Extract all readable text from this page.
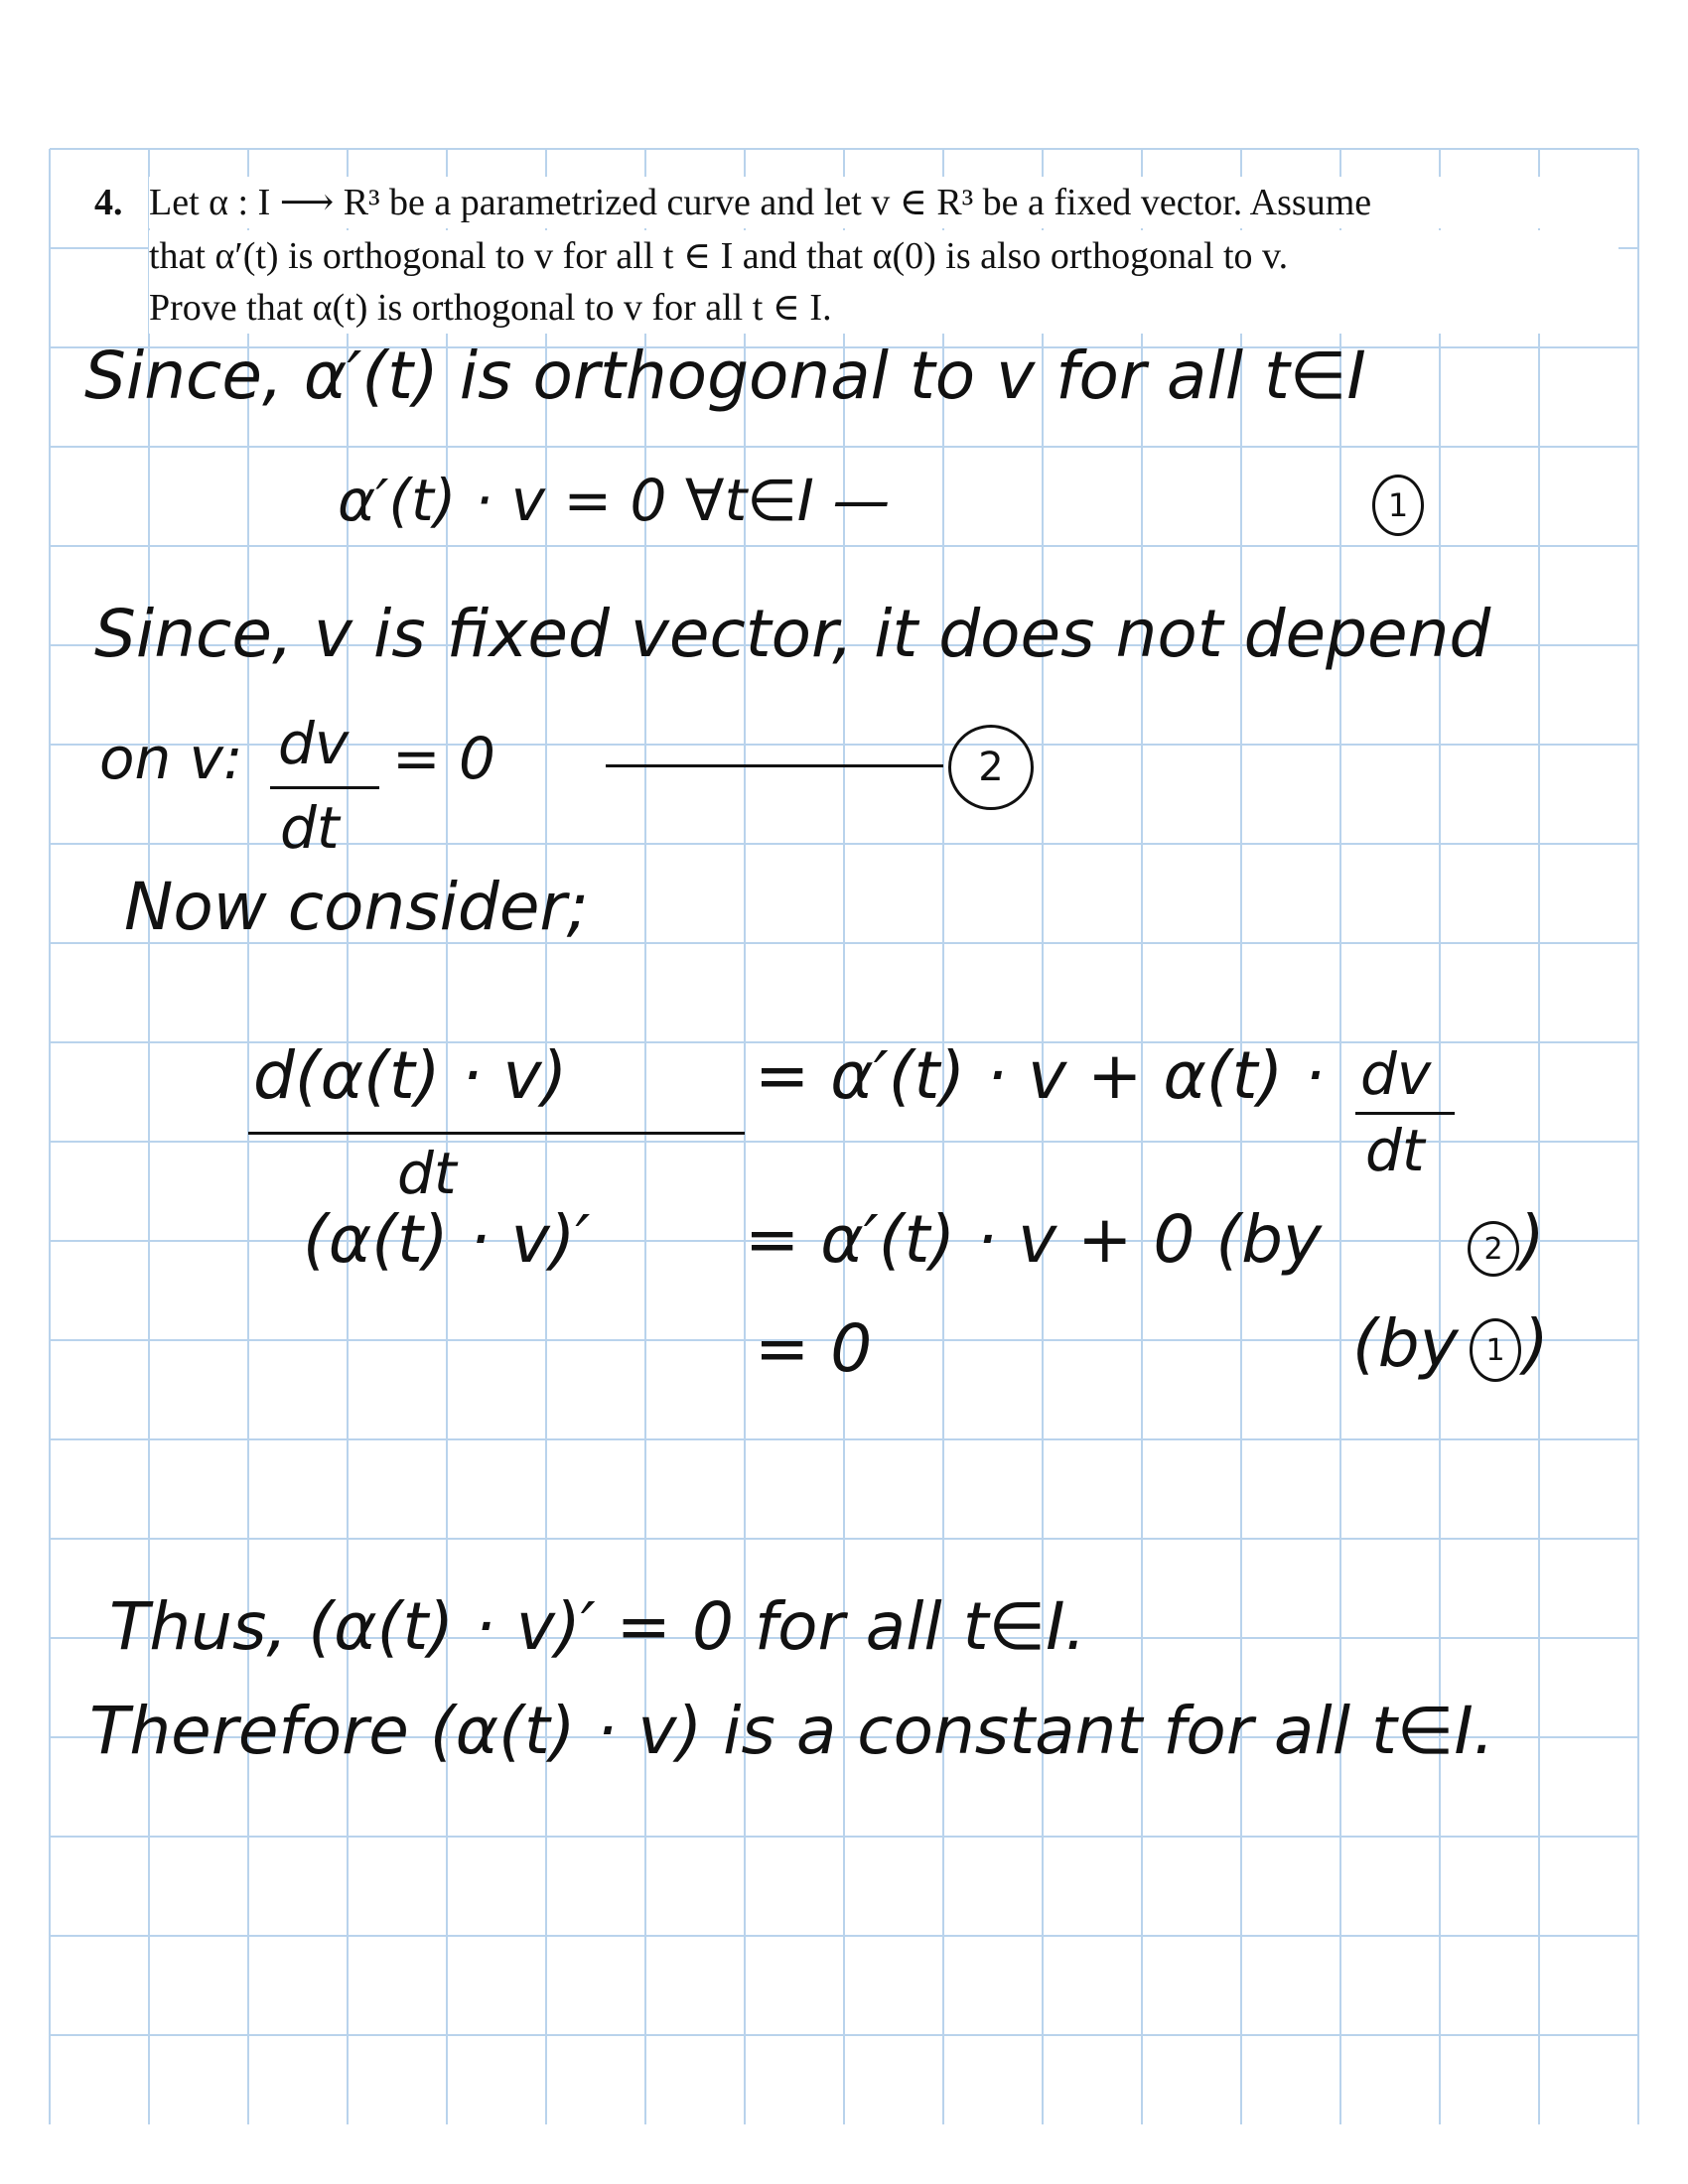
4. Let α : I ⟶ R³ be a parametrized curve and let v ∈ R³ be a fixed vector. Assume
that α′(t) is orthogonal to v for all t ∈ I and that α(0) is also orthogonal to v.
Prove that α(t) is orthogonal to v for all t ∈ I.
Since, α′(t) is orthogonal to v for all t∈I
α′(t) · v = 0 ∀t∈I —	1
Since, v is fixed vector, it does not depend
on v: dv
dt
= 0	2
Now consider;
d(α(t) · v)
dt
= α′(t) · v + α(t) · dv
dt
(α(t) · v)′ = α′(t) · v + 0 (by	2 )
= 0	(by 1 )
Thus, (α(t) · v)′ = 0 for all t∈I.
Therefore (α(t) · v) is a constant for all t∈I.
